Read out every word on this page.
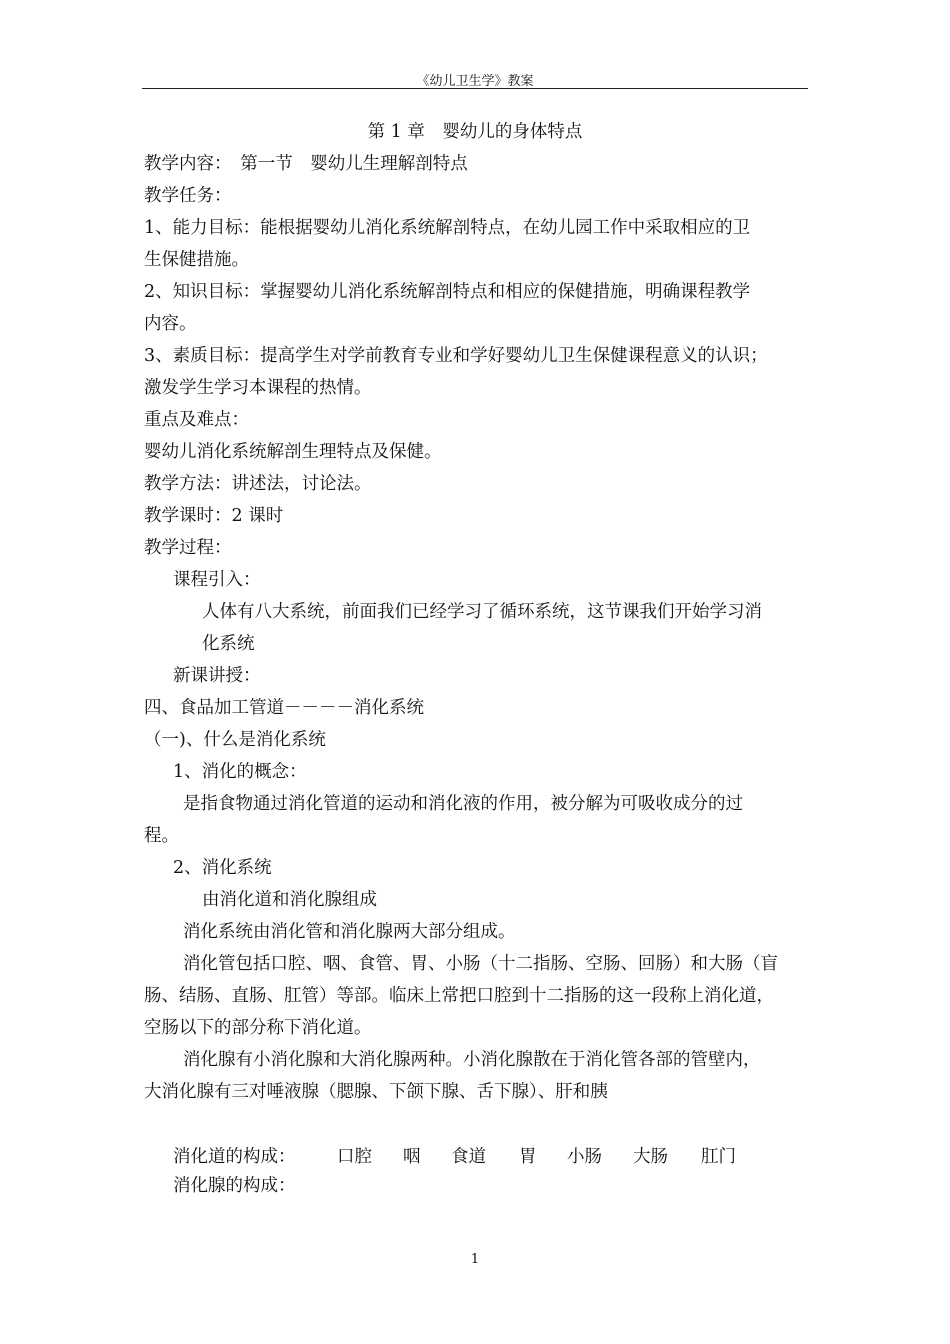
《幼儿卫生学》教案
第 1 章　婴幼儿的身体特点
教学内容：　第一节　婴幼儿生理解剖特点
教学任务：
1、能力目标：能根据婴幼儿消化系统解剖特点，在幼儿园工作中采取相应的卫
生保健措施。
2、知识目标：掌握婴幼儿消化系统解剖特点和相应的保健措施，明确课程教学
内容。
3、素质目标：提高学生对学前教育专业和学好婴幼儿卫生保健课程意义的认识；
激发学生学习本课程的热情。
重点及难点：
婴幼儿消化系统解剖生理特点及保健。
教学方法：讲述法，讨论法。
教学课时：2 课时
教学过程：
课程引入：
人体有八大系统，前面我们已经学习了循环系统，这节课我们开始学习消
化系统
新课讲授：
四、食品加工管道－－－－消化系统
（一)、什么是消化系统
1、消化的概念：
是指食物通过消化管道的运动和消化液的作用，被分解为可吸收成分的过
程。
2、消化系统
由消化道和消化腺组成
消化系统由消化管和消化腺两大部分组成。
消化管包括口腔、咽、食管、胃、小肠（十二指肠、空肠、回肠）和大肠（盲
肠、结肠、直肠、肛管）等部。临床上常把口腔到十二指肠的这一段称上消化道，
空肠以下的部分称下消化道。
消化腺有小消化腺和大消化腺两种。小消化腺散在于消化管各部的管壁内，
大消化腺有三对唾液腺（腮腺、下颌下腺、舌下腺）、肝和胰
消化道的构成： 口腔 咽 食道 胃 小肠 大肠 肛门
消化腺的构成：
1
